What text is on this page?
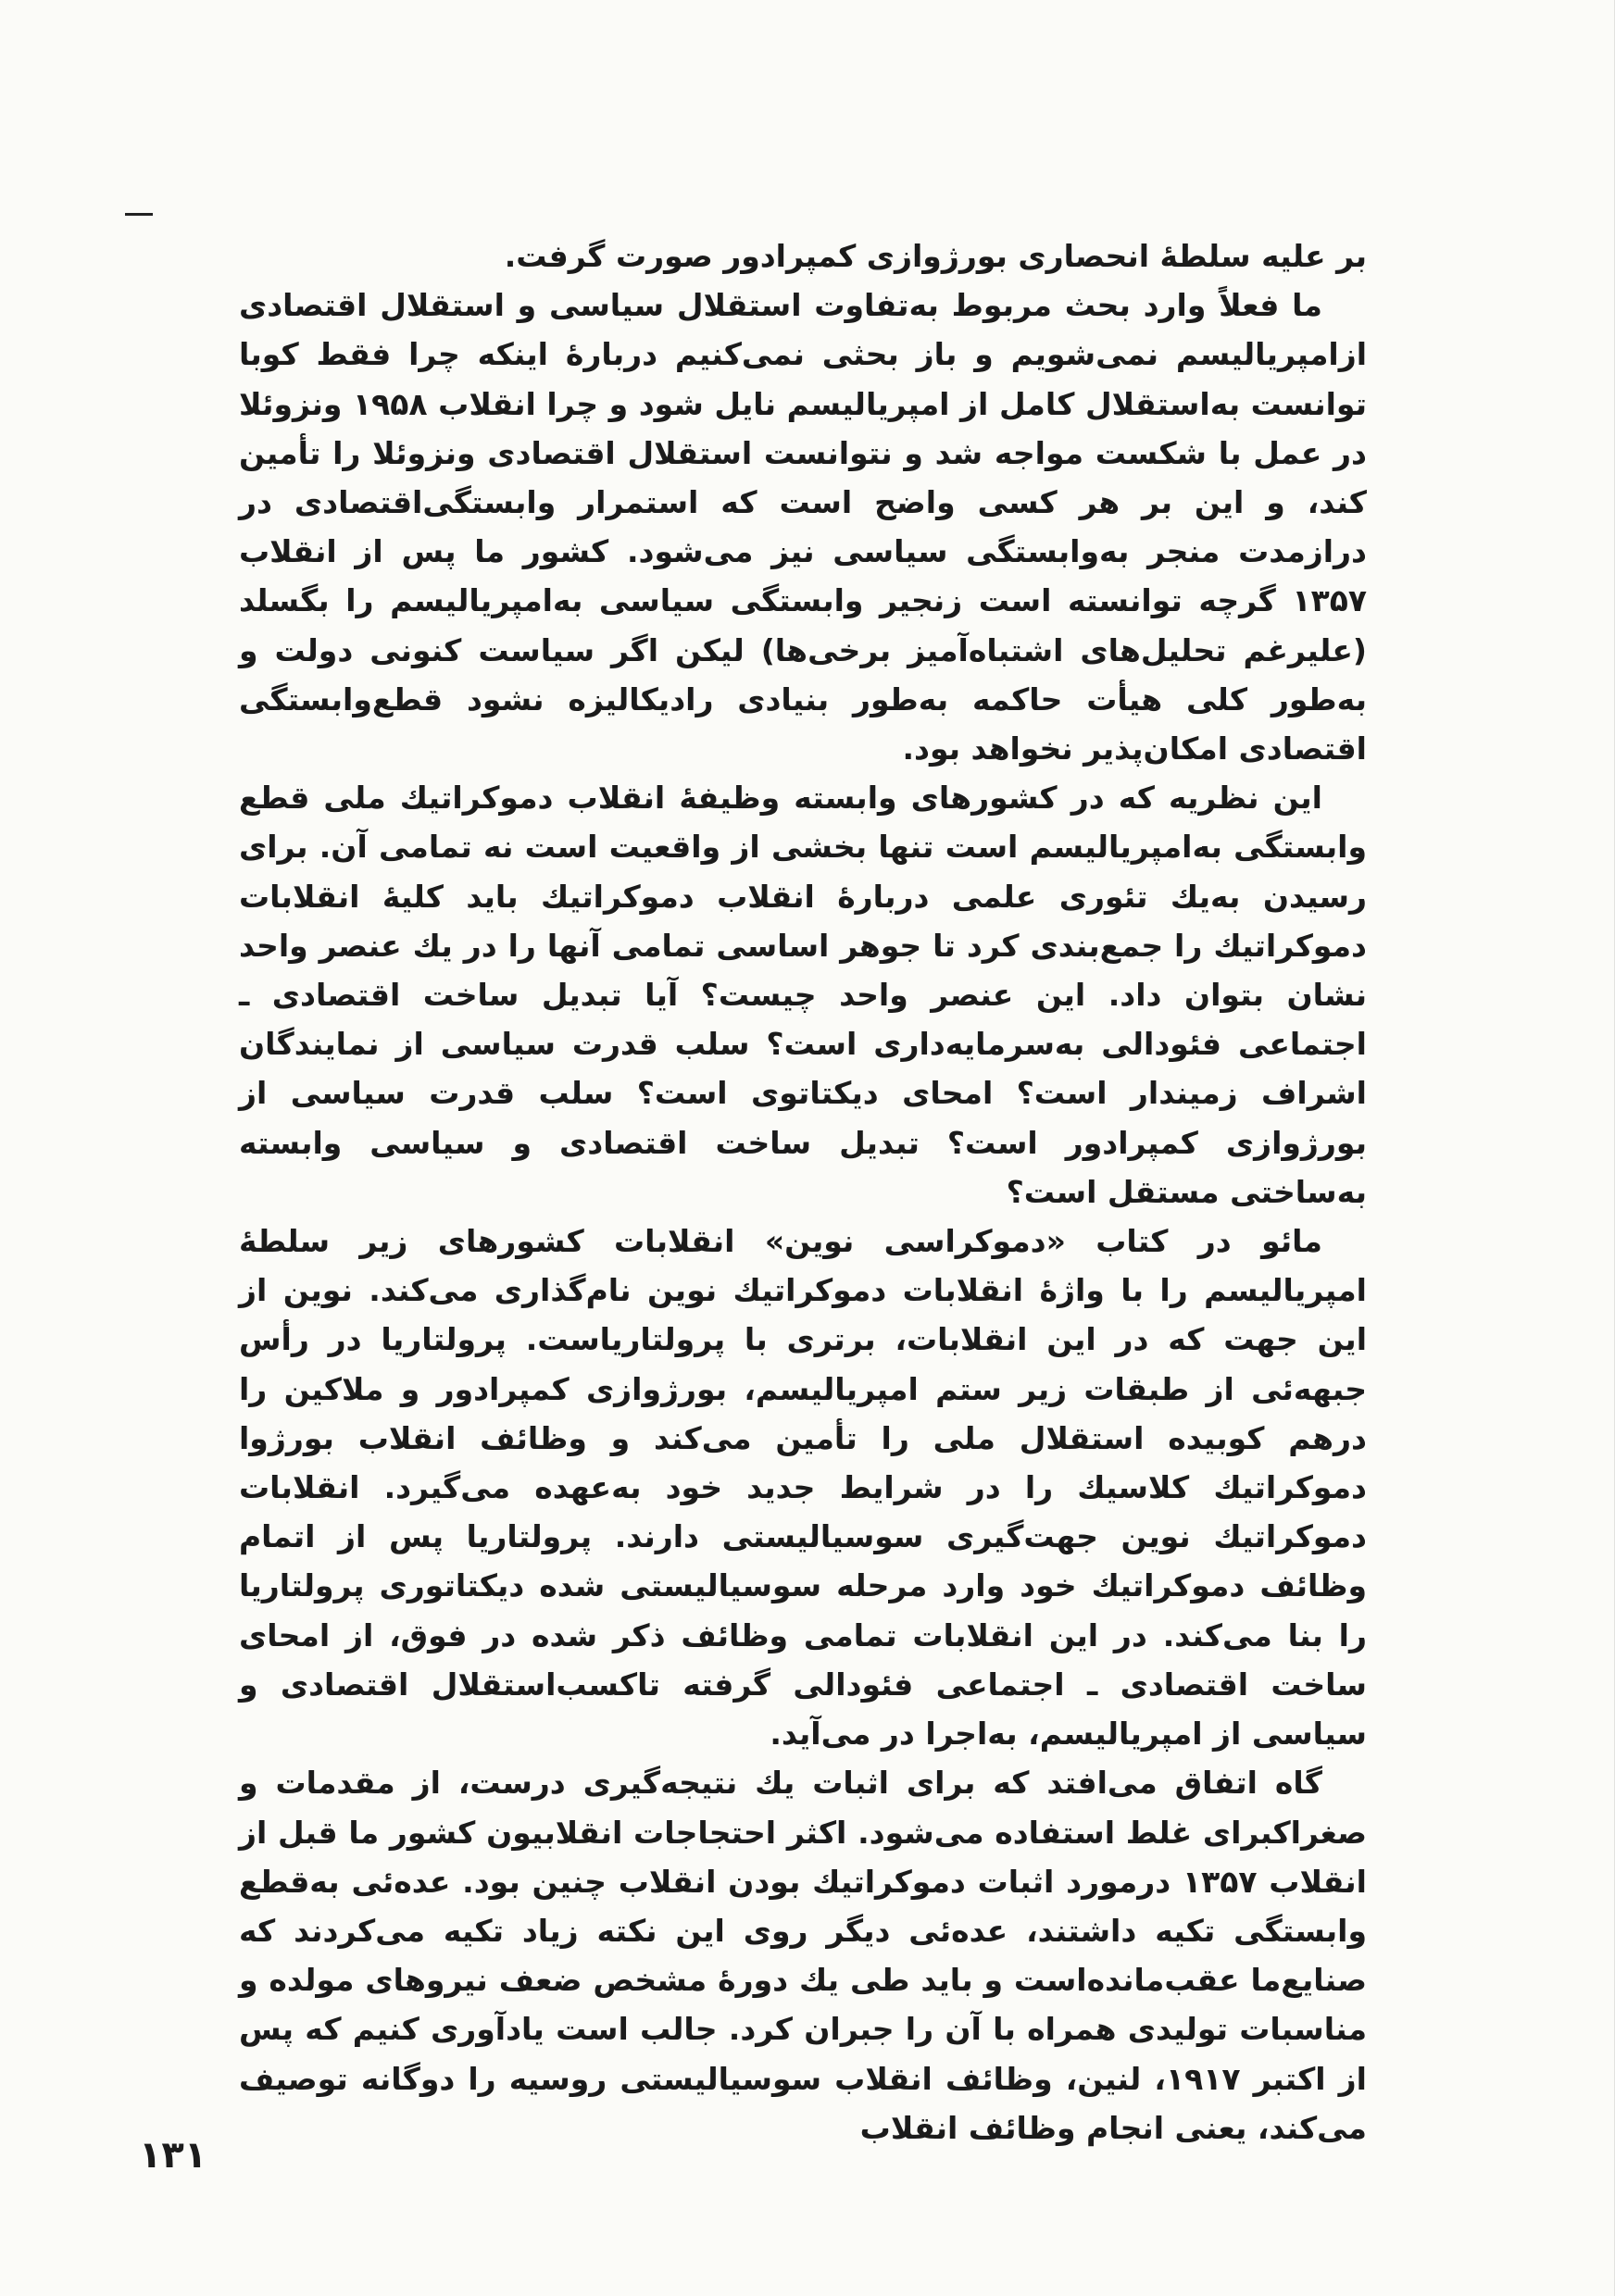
بر علیه سلطۀ انحصاری بورژوازی کمپرادور صورت گرفت.

ما فعلاً وارد بحث مربوط به‌تفاوت استقلال سیاسی و استقلال اقتصادی ازامپریالیسم نمی‌شویم و باز بحثی نمی‌کنیم دربارۀ اینکه چرا فقط کوبا توانست به‌استقلال کامل از امپریالیسم نایل شود و چرا انقلاب ۱۹۵۸ ونزوئلا در عمل با شکست مواجه شد و نتوانست استقلال اقتصادی ونزوئلا را تأمین کند، و این بر هر کسی واضح است که استمرار وابستگی‌اقتصادی در درازمدت منجر به‌وابستگی سیاسی نیز می‌شود. کشور ما پس از انقلاب ۱۳۵۷ گرچه توانسته است زنجیر وابستگی سیاسی به‌امپریالیسم را بگسلد (علیرغم تحلیل‌های اشتباه‌آمیز برخی‌ها) لیکن اگر سیاست کنونی دولت و به‌طور کلی هیأت حاکمه به‌طور بنیادی رادیکالیزه نشود قطع‌وابستگی اقتصادی امکان‌پذیر نخواهد بود.

این نظریه که در کشورهای وابسته وظیفۀ انقلاب دموکراتیك ملی قطع وابستگی به‌امپریالیسم است تنها بخشی از واقعیت است نه تمامی آن. برای رسیدن به‌یك تئوری علمی دربارۀ انقلاب دموکراتیك باید کلیۀ انقلابات دموکراتیك را جمع‌بندی کرد تا جوهر اساسی تمامی آنها را در یك عنصر واحد نشان بتوان داد. این عنصر واحد چیست؟ آیا تبدیل ساخت اقتصادی ـ اجتماعی فئودالی به‌سرمایه‌داری است؟ سلب قدرت سیاسی از نمایندگان اشراف زمیندار است؟ امحای دیکتاتوی است؟ سلب قدرت سیاسی از بورژوازی کمپرادور است؟ تبدیل ساخت اقتصادی و سیاسی وابسته به‌ساختی مستقل است؟

مائو در کتاب «دموکراسی نوین» انقلابات کشورهای زیر سلطۀ امپریالیسم را با واژۀ انقلابات دموکراتیك نوین نام‌گذاری می‌کند. نوین از این جهت که در این انقلابات، برتری با پرولتاریاست. پرولتاریا در رأس جبهه‌ئی از طبقات زیر ستم امپریالیسم، بورژوازی کمپرادور و ملاکین را درهم کوبیده استقلال ملی را تأمین می‌کند و وظائف انقلاب بورژوا دموکراتیك کلاسیك را در شرایط جدید خود به‌عهده می‌گیرد. انقلابات دموکراتیك نوین جهت‌گیری سوسیالیستی دارند. پرولتاریا پس از اتمام وظائف دموکراتیك خود وارد مرحله سوسیالیستی شده دیکتاتوری پرولتاریا را بنا می‌کند. در این انقلابات تمامی وظائف ذکر شده در فوق، از امحای ساخت اقتصادی ـ اجتماعی فئودالی گرفته تاکسب‌استقلال اقتصادی و سیاسی از امپریالیسم، به‌اجرا در می‌آید.

گاه اتفاق می‌افتد که برای اثبات یك نتیجه‌گیری درست، از مقدمات و صغراکبرای غلط استفاده می‌شود. اکثر احتجاجات انقلابیون کشور ما قبل از انقلاب ۱۳۵۷ درمورد اثبات دموکراتیك بودن انقلاب چنین بود. عده‌ئی به‌قطع وابستگی تکیه داشتند، عده‌ئی دیگر روی این نکته زیاد تکیه می‌کردند که صنایع‌ما عقب‌مانده‌است و باید طی یك دورۀ مشخص ضعف نیروهای مولده و مناسبات تولیدی همراه با آن را جبران کرد. جالب است یادآوری کنیم که پس از اکتبر ۱۹۱۷، لنین، وظائف انقلاب سوسیالیستی روسیه را دوگانه توصیف می‌کند، یعنی انجام وظائف انقلاب

۱۳۱
